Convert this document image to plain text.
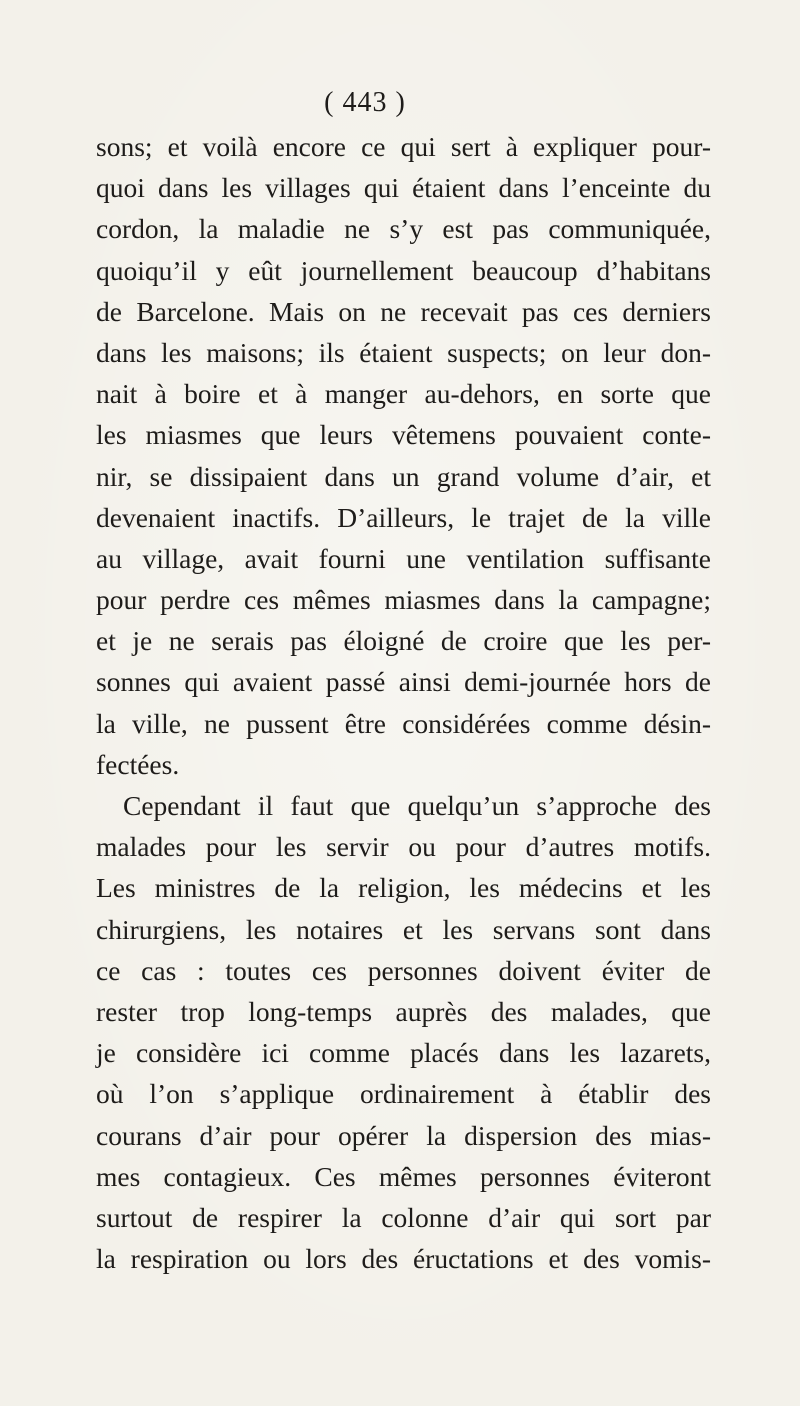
( 443 )
sons; et voilà encore ce qui sert à expliquer pour-
quoi dans les villages qui étaient dans l’enceinte du
cordon, la maladie ne s’y est pas communiquée,
quoiqu’il y eût journellement beaucoup d’habitans
de Barcelone. Mais on ne recevait pas ces derniers
dans les maisons; ils étaient suspects; on leur don-
nait à boire et à manger au-dehors, en sorte que
les miasmes que leurs vêtemens pouvaient conte-
nir, se dissipaient dans un grand volume d’air, et
devenaient inactifs. D’ailleurs, le trajet de la ville
au village, avait fourni une ventilation suffisante
pour perdre ces mêmes miasmes dans la campagne;
et je ne serais pas éloigné de croire que les per-
sonnes qui avaient passé ainsi demi-journée hors de
la ville, ne pussent être considérées comme désin-
fectées.
Cependant il faut que quelqu’un s’approche des
malades pour les servir ou pour d’autres motifs.
Les ministres de la religion, les médecins et les
chirurgiens, les notaires et les servans sont dans
ce cas : toutes ces personnes doivent éviter de
rester trop long-temps auprès des malades, que
je considère ici comme placés dans les lazarets,
où l’on s’applique ordinairement à établir des
courans d’air pour opérer la dispersion des mias-
mes contagieux. Ces mêmes personnes éviteront
surtout de respirer la colonne d’air qui sort par
la respiration ou lors des éructations et des vomis-
